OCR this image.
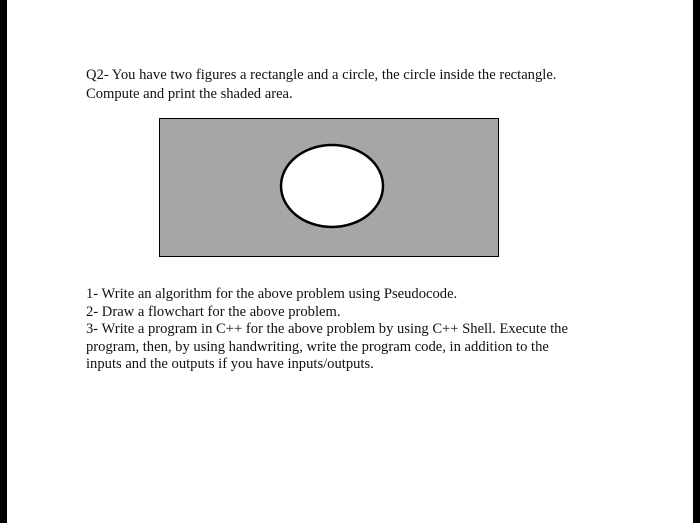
Q2- You have two figures a rectangle and a circle, the circle inside the rectangle.

Compute and print the shaded area.

1- Write an algorithm for the above problem using Pseudocode.

2- Draw a flowchart for the above problem.

3- Write a program in C++ for the above problem by using C++ Shell. Execute the

program, then, by using handwriting, write the program code, in addition to the

inputs and the outputs if you have inputs/outputs.
